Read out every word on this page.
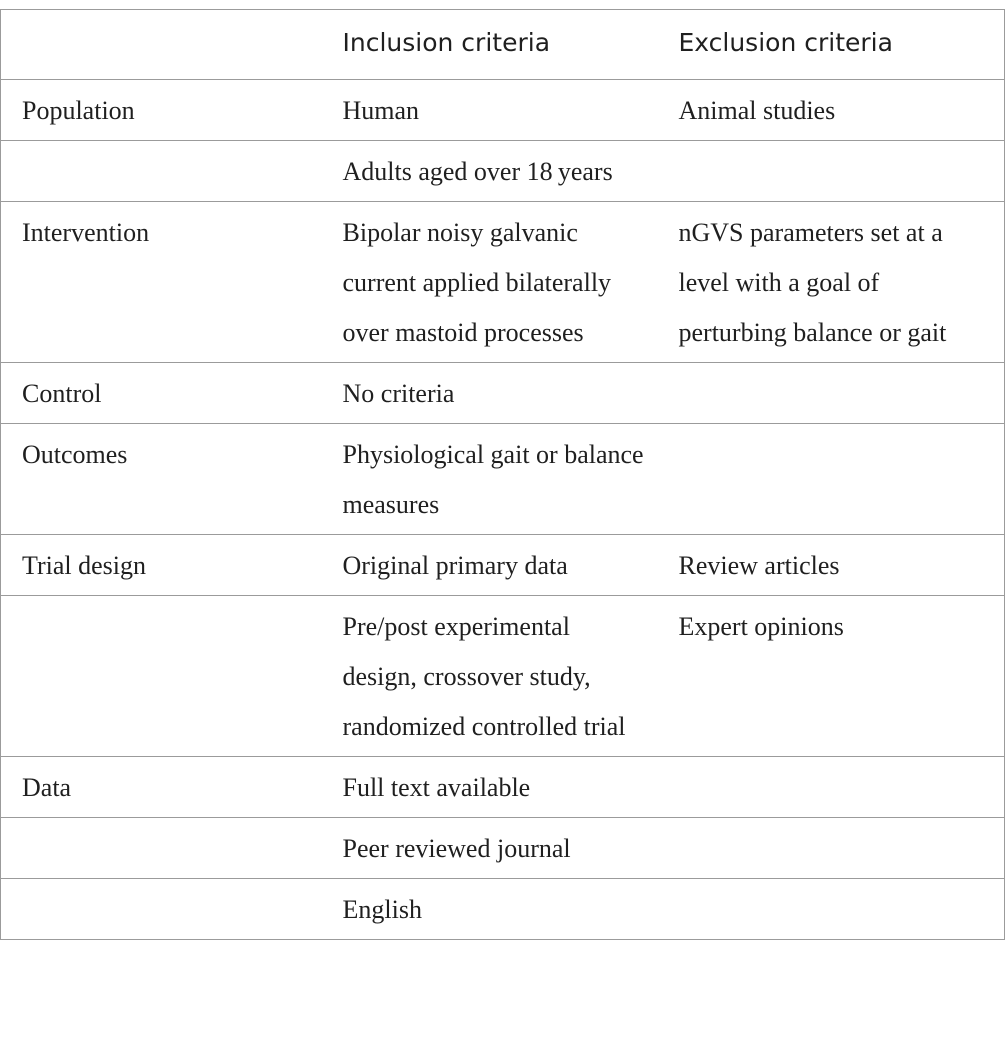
	Inclusion criteria	Exclusion criteria

Population	Human	Animal studies

	Adults aged over 18 years	

Intervention	Bipolar noisy galvanic current applied bilaterally over mastoid processes	nGVS parameters set at a level with a goal of perturbing balance or gait

Control	No criteria	

Outcomes	Physiological gait or balance measures	

Trial design	Original primary data	Review articles

	Pre/post experimental design, crossover study, randomized controlled trial	Expert opinions

Data	Full text available	

	Peer reviewed journal	

	English	
